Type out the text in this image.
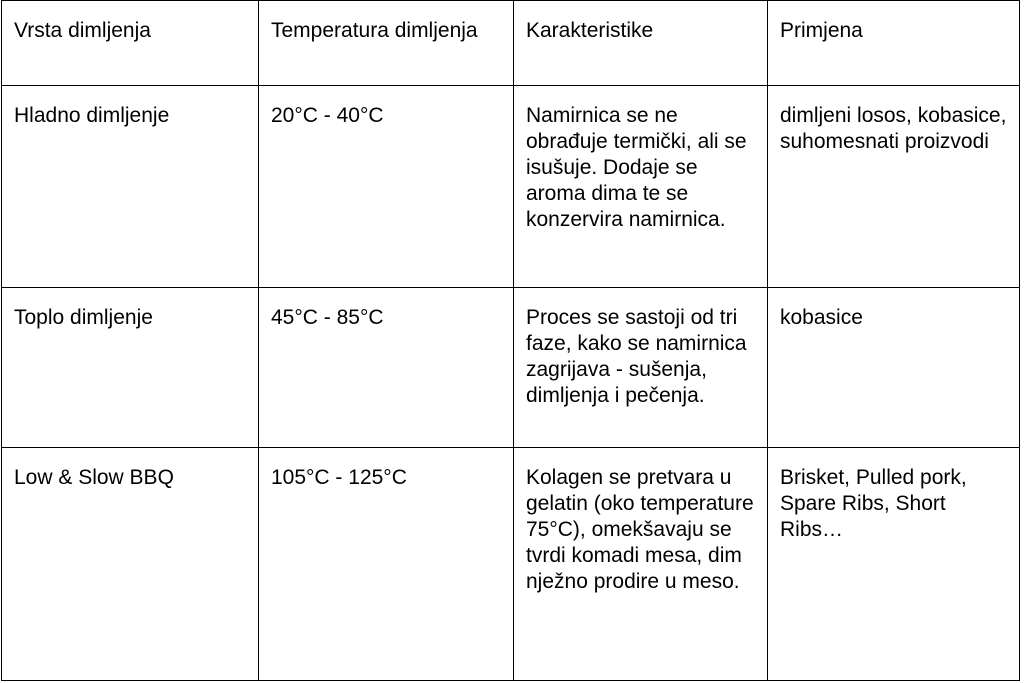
Vrsta dimljenja	Temperatura dimljenja	Karakteristike	Primjena
Hladno dimljenje	20°C - 40°C	Namirnica se ne obrađuje termički, ali se isušuje. Dodaje se aroma dima te se konzervira namirnica.	dimljeni losos, kobasice, suhomesnati proizvodi
Toplo dimljenje	45°C - 85°C	Proces se sastoji od tri faze, kako se namirnica zagrijava - sušenja, dimljenja i pečenja.	kobasice
Low & Slow BBQ	105°C - 125°C	Kolagen se pretvara u gelatin (oko temperature 75°C), omekšavaju se tvrdi komadi mesa, dim nježno prodire u meso.	Brisket, Pulled pork, Spare Ribs, Short Ribs…
